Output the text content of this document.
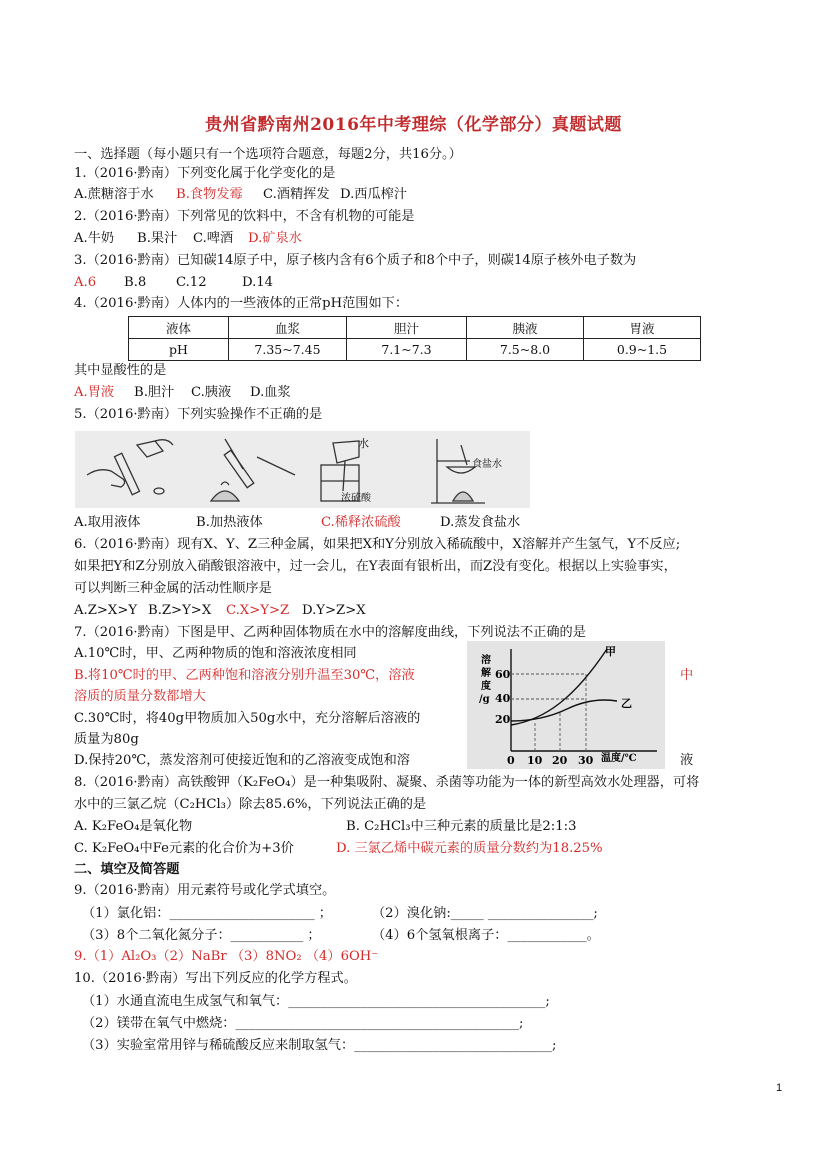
贵州省黔南州2016年中考理综（化学部分）真题试题
一、选择题（每小题只有一个选项符合题意，每题2分，共16分。）
1.（2016·黔南）下列变化属于化学变化的是
A.蔗糖溶于水 B.食物发霉 C.酒精挥发 D.西瓜榨汁
2.（2016·黔南）下列常见的饮料中，不含有机物的可能是
A.牛奶 B.果汁 C.啤酒 D.矿泉水
3.（2016·黔南）已知碳14原子中，原子核内含有6个质子和8个中子，则碳14原子核外电子数为
A.6 B.8 C.12	D.14
4.（2016·黔南）人体内的一些液体的正常pH范围如下：
液体	血浆	胆汁	胰液	胃液
pH	7.35~7.45	7.1~7.3	7.5~8.0	0.9~1.5
其中显酸性的是
A.胃液 B.胆汁 C.胰液 D.血浆
5.（2016·黔南）下列实验操作不正确的是
水
浓硫酸
食盐水
A.取用液体	B.加热液体	C.稀释浓硫酸	D.蒸发食盐水
6.（2016·黔南）现有X、Y、Z三种金属，如果把X和Y分别放入稀硫酸中，X溶解并产生氢气，Y不反应;
如果把Y和Z分别放入硝酸银溶液中，过一会儿，在Y表面有银析出，而Z没有变化。根据以上实验事实，
可以判断三种金属的活动性顺序是
A.Z>X>Y B.Z>Y>X C.X>Y>Z D.Y>Z>X
7.（2016·黔南）下图是甲、乙两种固体物质在水中的溶解度曲线，下列说法不正确的是
A.10℃时，甲、乙两种物质的饱和溶液浓度相同
B.将10℃时的甲、乙两种饱和溶液分别升温至30℃，溶液	中
溶质的质量分数都增大
C.30℃时，将40g甲物质加入50g水中，充分溶解后溶液的
质量为80g
D.保持20℃，蒸发溶剂可使接近饱和的乙溶液变成饱和溶	液
溶
解
度
/g
20
40
60
0 10 20 30 温度/℃
甲
乙
8.（2016·黔南）高铁酸钾（K₂FeO₄）是一种集吸附、凝聚、杀菌等功能为一体的新型高效水处理器，可将
水中的三氯乙烷（C₂HCl₃）除去85.6%，下列说法正确的是
A. K₂FeO₄是氧化物	B. C₂HCl₃中三种元素的质量比是2:1:3
C. K₂FeO₄中Fe元素的化合价为+3价	D. 三氯乙烯中碳元素的质量分数约为18.25%
二、填空及简答题
9.（2016·黔南）用元素符号或化学式填空。
（1）氯化铝：______________________ ；	（2）溴化钠:_____ ________________;
（3）8个二氧化氮分子：___________ ；	（4）6个氢氧根离子：____________。
9.（1）Al₂O₃（2）NaBr （3）8NO₂ （4）6OH⁻
10.（2016·黔南）写出下列反应的化学方程式。
（1）水通直流电生成氢气和氧气：_______________________________________;
（2）镁带在氧气中燃烧：___________________________________________;
（3）实验室常用锌与稀硫酸反应来制取氢气：______________________________;
1
